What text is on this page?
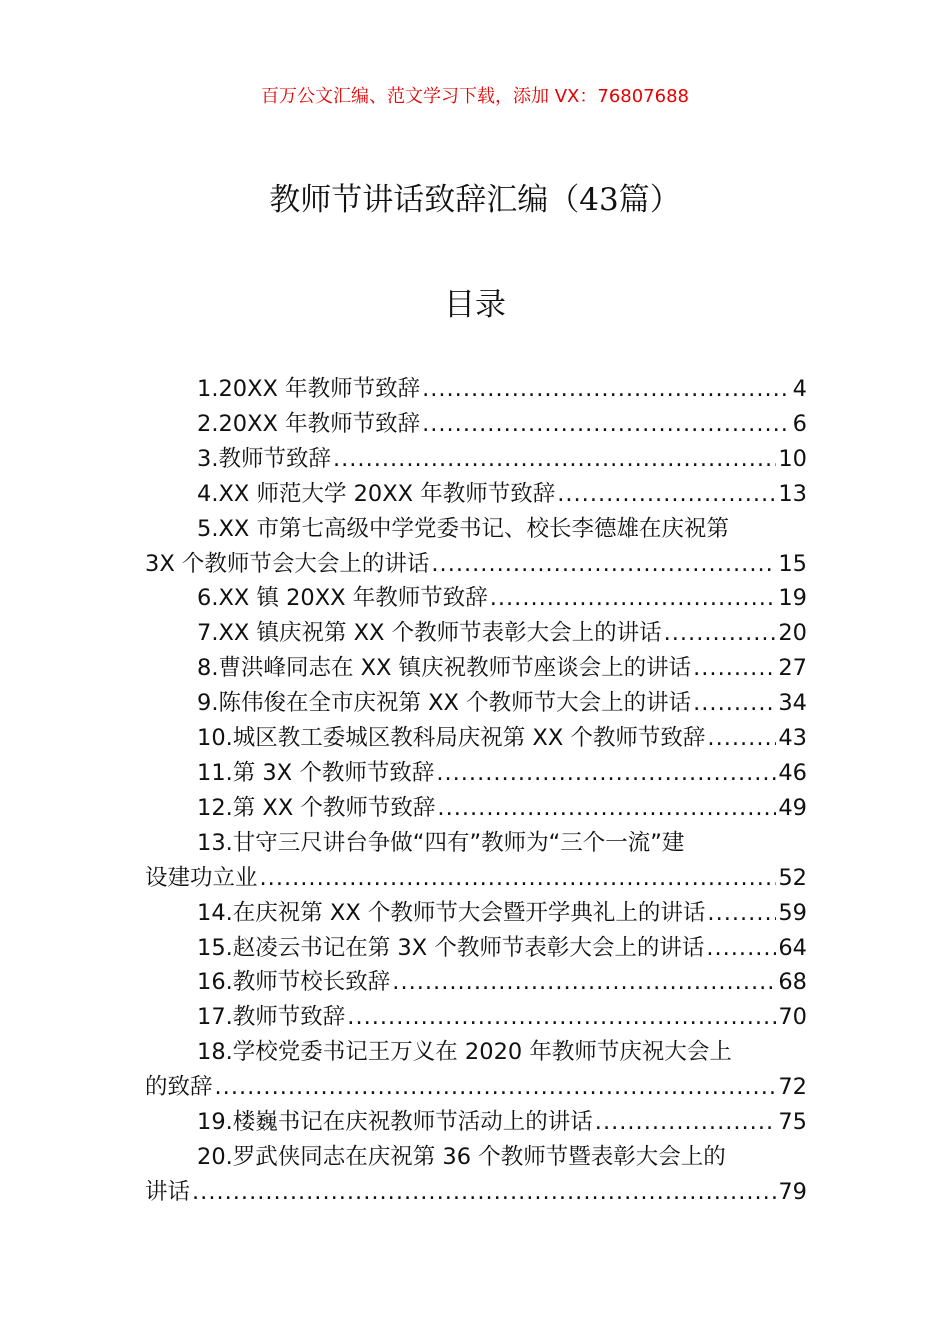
百万公文汇编、范文学习下载，添加 VX：76807688
教师节讲话致辞汇编（43篇）
目录
1.20XX 年教师节致辞 .....	4
2.20XX 年教师节致辞 .....	6
3.教师节致辞 .....	10
4.XX 师范大学 20XX 年教师节致辞 .....	13
5.XX 市第七高级中学党委书记、校长李德雄在庆祝第
3X 个教师节会大会上的讲话 .....	15
6.XX 镇 20XX 年教师节致辞 .....	19
7.XX 镇庆祝第 XX 个教师节表彰大会上的讲话 .....	20
8.曹洪峰同志在 XX 镇庆祝教师节座谈会上的讲话 .....	27
9.陈伟俊在全市庆祝第 XX 个教师节大会上的讲话 .....	34
10.城区教工委城区教科局庆祝第 XX 个教师节致辞 .....	43
11.第 3X 个教师节致辞 .....	46
12.第 XX 个教师节致辞 .....	49
13.甘守三尺讲台争做“四有”教师为“三个一流”建
设建功立业 .....	52
14.在庆祝第 XX 个教师节大会暨开学典礼上的讲话 .....	59
15.赵凌云书记在第 3X 个教师节表彰大会上的讲话 .....	64
16.教师节校长致辞 .....	68
17.教师节致辞 .....	70
18.学校党委书记王万义在 2020 年教师节庆祝大会上
的致辞 .....	72
19.楼巍书记在庆祝教师节活动上的讲话 .....	75
20.罗武侠同志在庆祝第 36 个教师节暨表彰大会上的
讲话 .....	79
